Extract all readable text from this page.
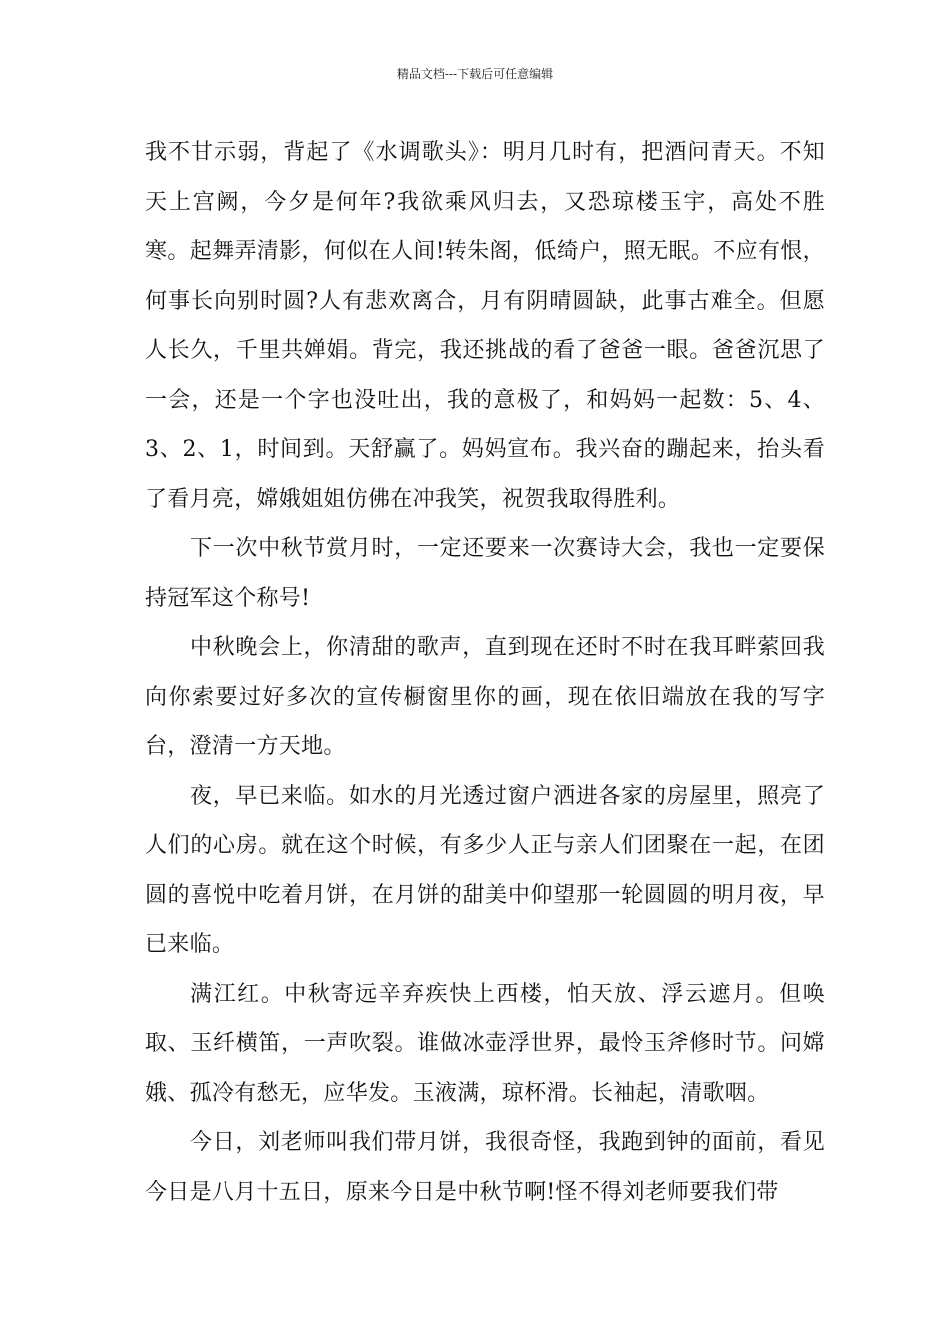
精品文档---下载后可任意编辑

我不甘示弱，背起了《水调歌头》：明月几时有，把酒问青天。不知天上宫阙，今夕是何年?我欲乘风归去，又恐琼楼玉宇，高处不胜寒。起舞弄清影，何似在人间!转朱阁，低绮户，照无眠。不应有恨，何事长向别时圆?人有悲欢离合，月有阴晴圆缺，此事古难全。但愿人长久，千里共婵娟。背完，我还挑战的看了爸爸一眼。爸爸沉思了一会，还是一个字也没吐出，我的意极了，和妈妈一起数：5、4、3、2、1，时间到。天舒赢了。妈妈宣布。我兴奋的蹦起来，抬头看了看月亮，嫦娥姐姐仿佛在冲我笑，祝贺我取得胜利。

下一次中秋节赏月时，一定还要来一次赛诗大会，我也一定要保持冠军这个称号!

中秋晚会上，你清甜的歌声，直到现在还时不时在我耳畔萦回我向你索要过好多次的宣传橱窗里你的画，现在依旧端放在我的写字台，澄清一方天地。

夜，早已来临。如水的月光透过窗户洒进各家的房屋里，照亮了人们的心房。就在这个时候，有多少人正与亲人们团聚在一起，在团圆的喜悦中吃着月饼，在月饼的甜美中仰望那一轮圆圆的明月夜，早已来临。

满江红。中秋寄远辛弃疾快上西楼，怕天放、浮云遮月。但唤取、玉纤横笛，一声吹裂。谁做冰壶浮世界，最怜玉斧修时节。问嫦娥、孤冷有愁无，应华发。玉液满，琼杯滑。长袖起，清歌咽。

今日，刘老师叫我们带月饼，我很奇怪，我跑到钟的面前，看见今日是八月十五日，原来今日是中秋节啊!怪不得刘老师要我们带
